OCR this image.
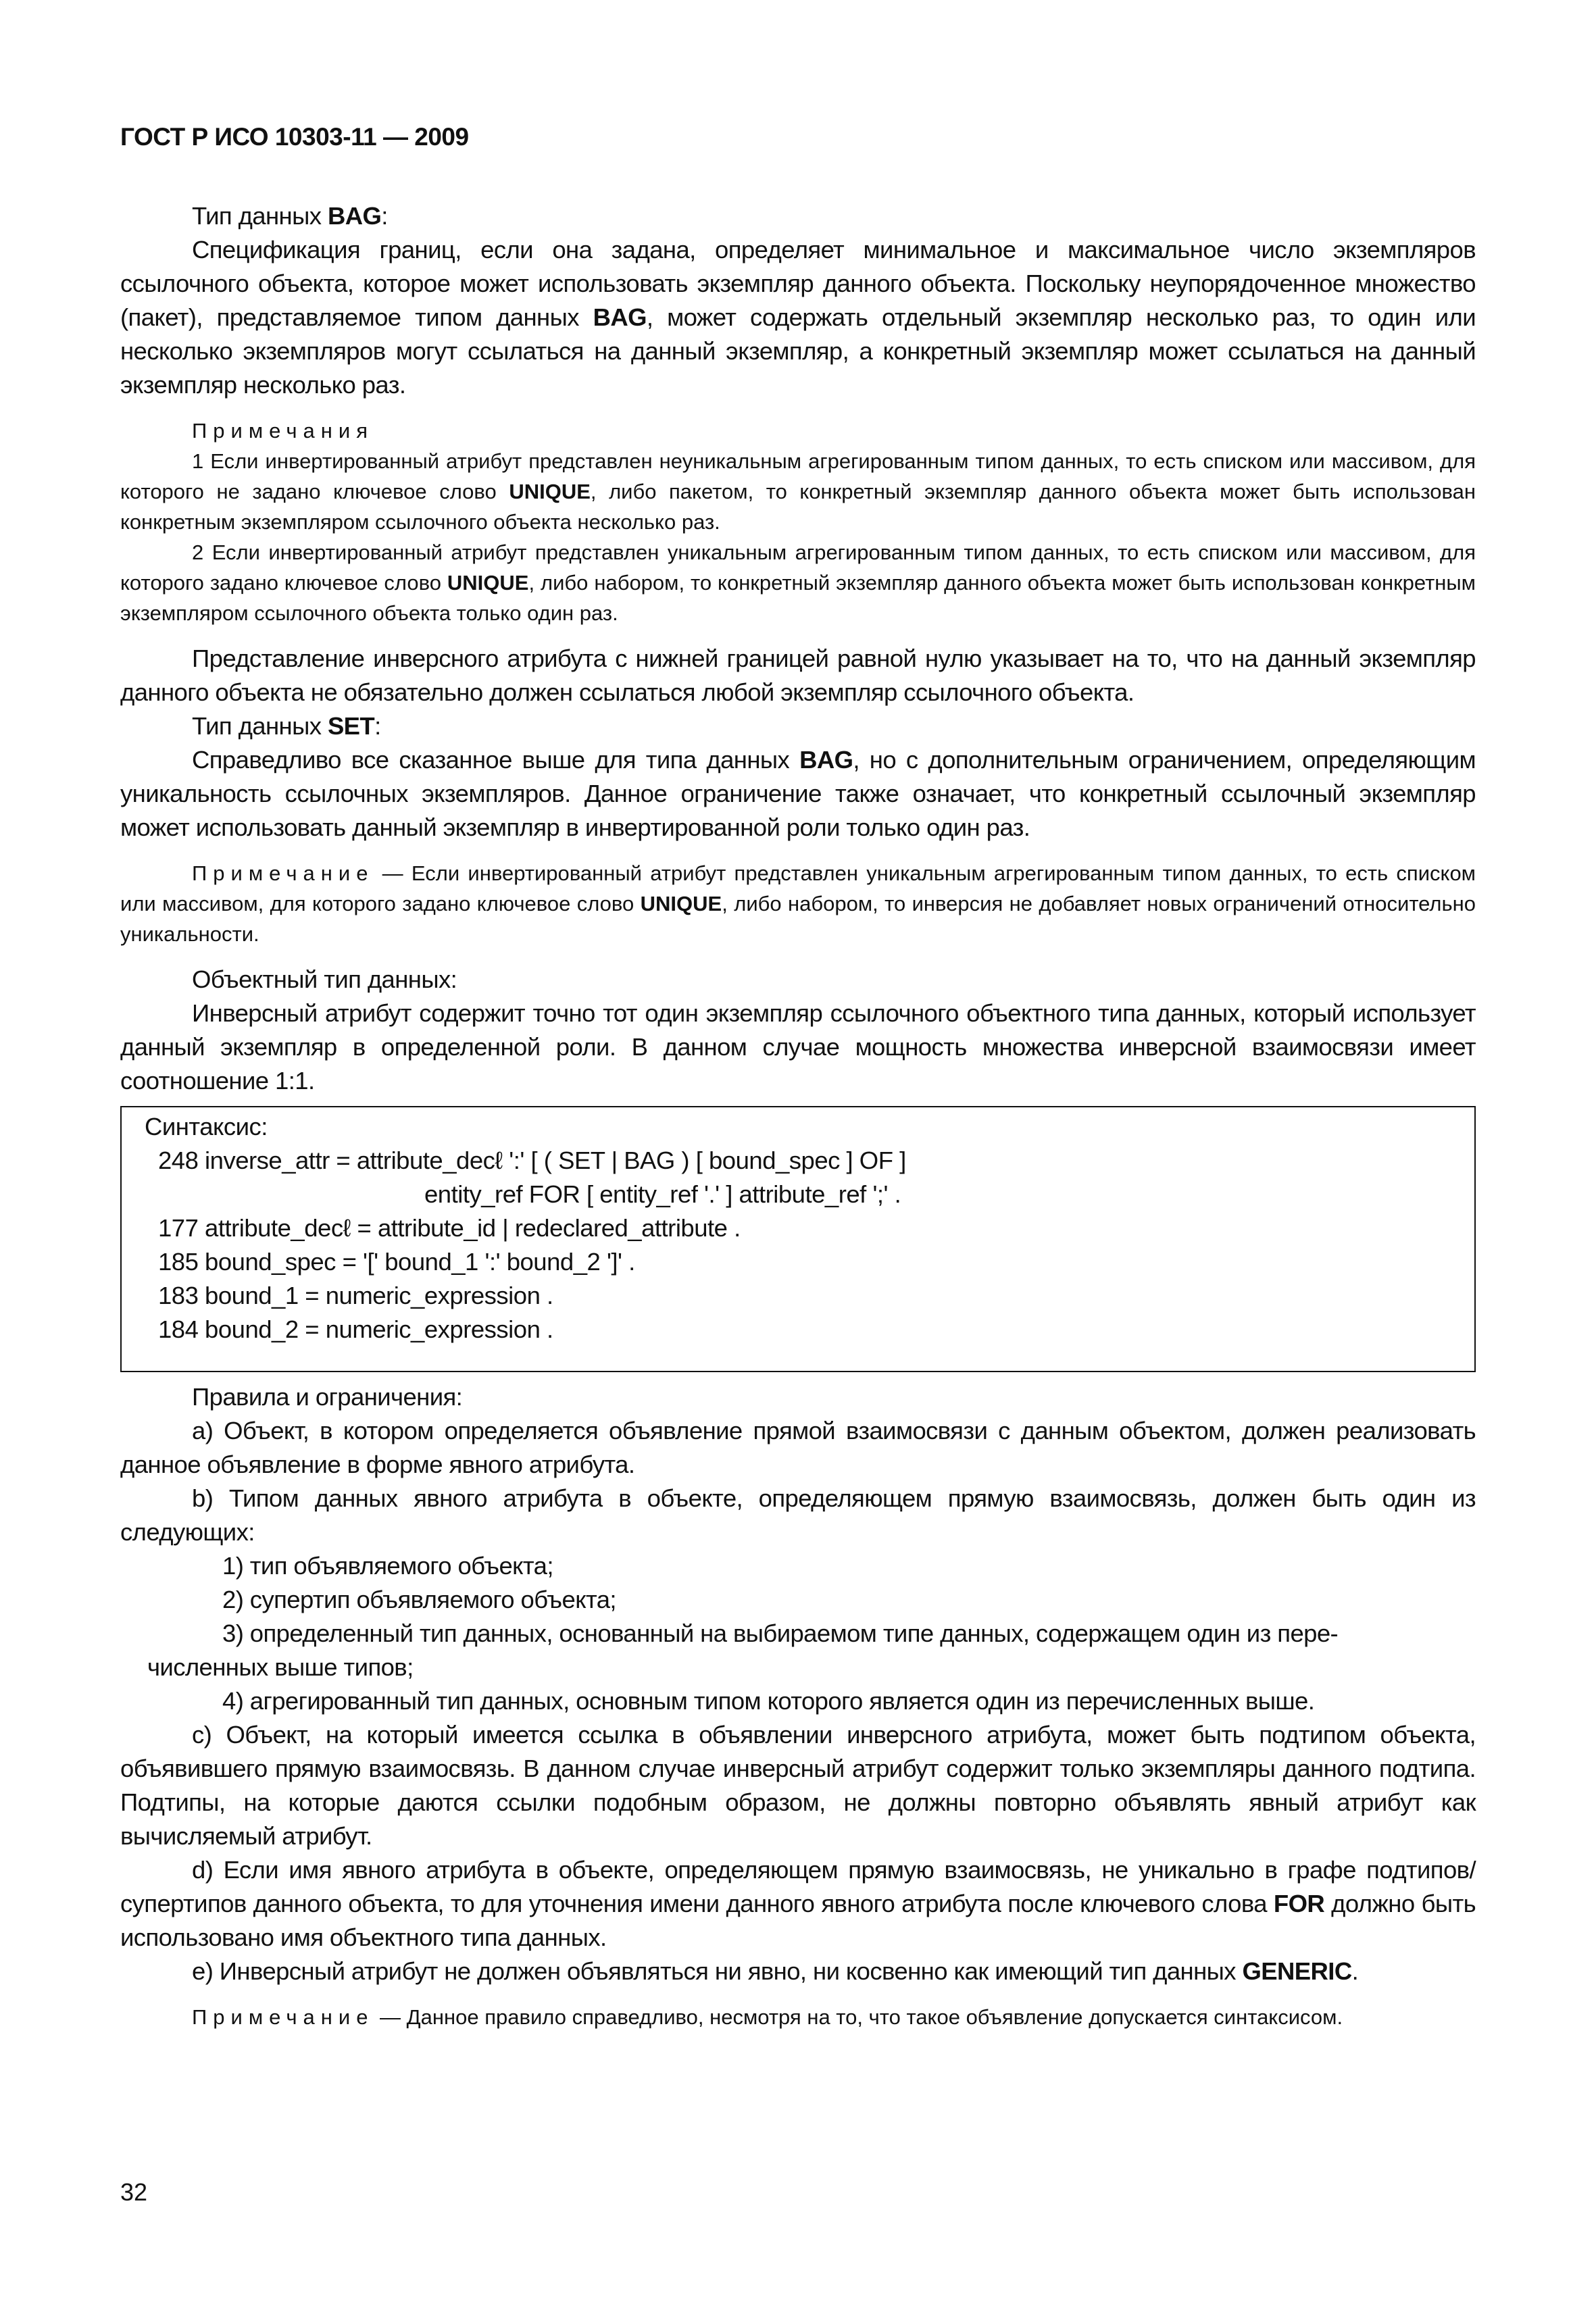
ГОСТ Р ИСО 10303-11 — 2009

Тип данных BAG:

Спецификация границ, если она задана, определяет минимальное и максимальное число экземпляров ссылочного объекта, которое может использовать экземпляр данного объекта. Поскольку неупорядоченное множество (пакет), представляемое типом данных BAG, может содержать отдельный экземпляр несколько раз, то один или несколько экземпляров могут ссылаться на данный экземпляр, а конкретный экземпляр может ссылаться на данный экземпляр несколько раз.

Примечания

1 Если инвертированный атрибут представлен неуникальным агрегированным типом данных, то есть списком или массивом, для которого не задано ключевое слово UNIQUE, либо пакетом, то конкретный экземпляр данного объекта может быть использован конкретным экземпляром ссылочного объекта несколько раз.

2 Если инвертированный атрибут представлен уникальным агрегированным типом данных, то есть списком или массивом, для которого задано ключевое слово UNIQUE, либо набором, то конкретный экземпляр данного объекта может быть использован конкретным экземпляром ссылочного объекта только один раз.

Представление инверсного атрибута с нижней границей равной нулю указывает на то, что на данный экземпляр данного объекта не обязательно должен ссылаться любой экземпляр ссылочного объекта.

Тип данных SET:

Справедливо все сказанное выше для типа данных BAG, но с дополнительным ограничением, определяющим уникальность ссылочных экземпляров. Данное ограничение также означает, что конкретный ссылочный экземпляр может использовать данный экземпляр в инвертированной роли только один раз.

Примечание — Если инвертированный атрибут представлен уникальным агрегированным типом данных, то есть списком или массивом, для которого задано ключевое слово UNIQUE, либо набором, то инверсия не добавляет новых ограничений относительно уникальности.

Объектный тип данных:

Инверсный атрибут содержит точно тот один экземпляр ссылочного объектного типа данных, который использует данный экземпляр в определенной роли. В данном случае мощность множества инверсной взаимосвязи имеет соотношение 1:1.

Синтаксис:
248 inverse_attr = attribute_decℓ ':' [ ( SET | BAG ) [ bound_spec ] OF ]
entity_ref FOR [ entity_ref '.' ] attribute_ref ';' .
177 attribute_decℓ = attribute_id | redeclared_attribute .
185 bound_spec = '[' bound_1 ':' bound_2 ']' .
183 bound_1 = numeric_expression .
184 bound_2 = numeric_expression .

Правила и ограничения:

a) Объект, в котором определяется объявление прямой взаимосвязи с данным объектом, должен реализовать данное объявление в форме явного атрибута.

b) Типом данных явного атрибута в объекте, определяющем прямую взаимосвязь, должен быть один из следующих:

1) тип объявляемого объекта;

2) супертип объявляемого объекта;

3) определенный тип данных, основанный на выбираемом типе данных, содержащем один из пере-
численных выше типов;

4) агрегированный тип данных, основным типом которого является один из перечисленных выше.

c) Объект, на который имеется ссылка в объявлении инверсного атрибута, может быть подтипом объекта, объявившего прямую взаимосвязь. В данном случае инверсный атрибут содержит только экземпляры данного подтипа. Подтипы, на которые даются ссылки подобным образом, не должны повторно объявлять явный атрибут как вычисляемый атрибут.

d) Если имя явного атрибута в объекте, определяющем прямую взаимосвязь, не уникально в графе подтипов/супертипов данного объекта, то для уточнения имени данного явного атрибута после ключевого слова FOR должно быть использовано имя объектного типа данных.

e) Инверсный атрибут не должен объявляться ни явно, ни косвенно как имеющий тип данных GENERIC.

Примечание — Данное правило справедливо, несмотря на то, что такое объявление допускается синтаксисом.

32
